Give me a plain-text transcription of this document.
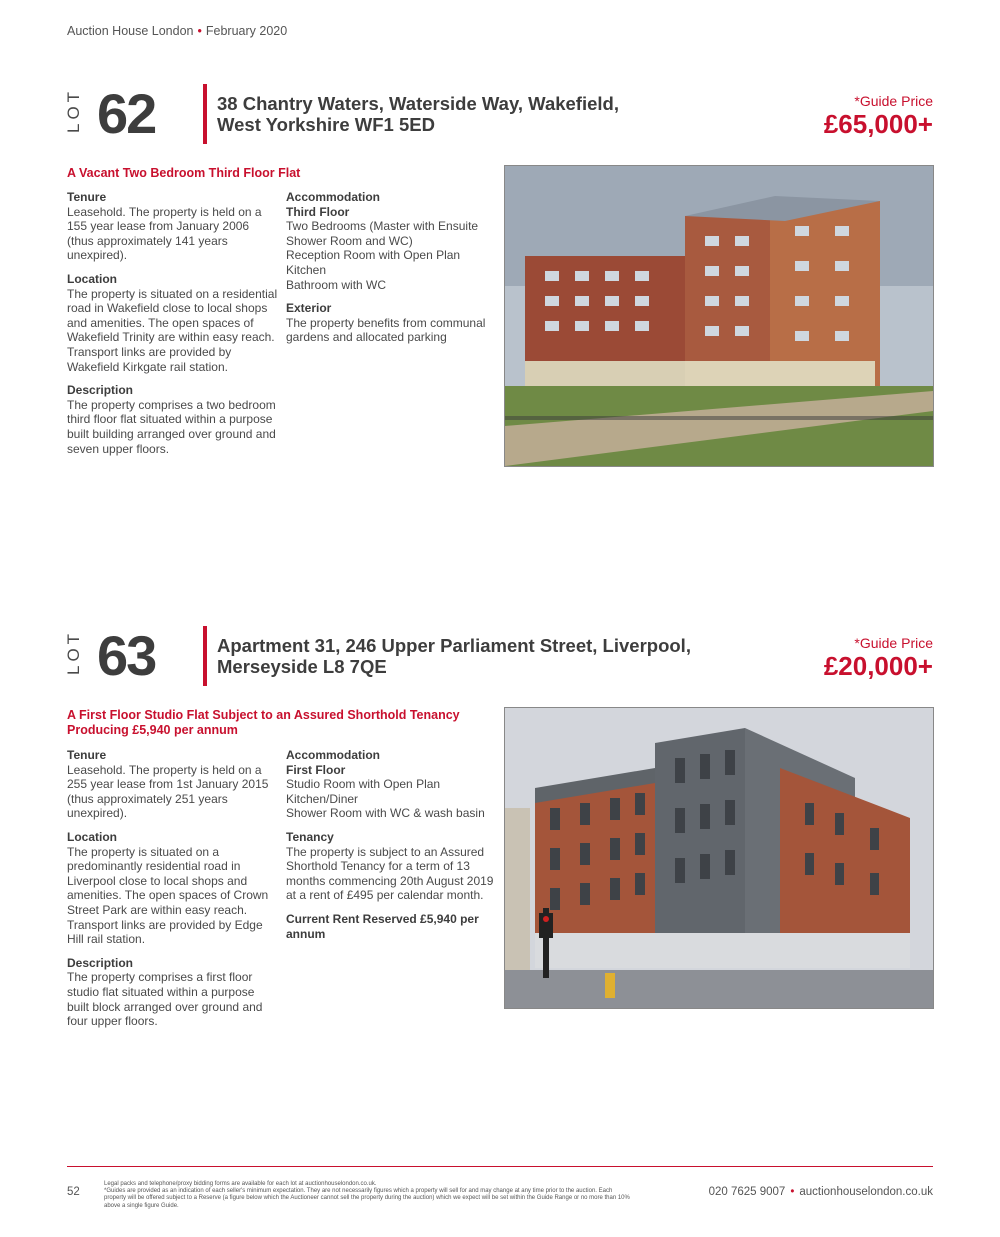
Auction House London • February 2020
LOT 62	38 Chantry Waters, Waterside Way, Wakefield,
West Yorkshire WF1 5ED
*Guide Price
£65,000+
A Vacant Two Bedroom Third Floor Flat
Tenure
Leasehold. The property is held on a 155 year lease from January 2006 (thus approximately 141 years unexpired).
Location
The property is situated on a residential road in Wakefield close to local shops and amenities. The open spaces of Wakefield Trinity are within easy reach. Transport links are provided by Wakefield Kirkgate rail station.
Description
The property comprises a two bedroom third floor flat situated within a purpose built building arranged over ground and seven upper floors.
Accommodation
Third Floor
Two Bedrooms (Master with Ensuite Shower Room and WC)
Reception Room with Open Plan Kitchen
Bathroom with WC
Exterior
The property benefits from communal gardens and allocated parking
LOT 63	Apartment 31, 246 Upper Parliament Street, Liverpool,
Merseyside L8 7QE
*Guide Price
£20,000+
A First Floor Studio Flat Subject to an Assured Shorthold Tenancy Producing £5,940 per annum
Tenure
Leasehold. The property is held on a 255 year lease from 1st January 2015 (thus approximately 251 years unexpired).
Location
The property is situated on a predominantly residential road in Liverpool close to local shops and amenities. The open spaces of Crown Street Park are within easy reach. Transport links are provided by Edge Hill rail station.
Description
The property comprises a first floor studio flat situated within a purpose built block arranged over ground and four upper floors.
Accommodation
First Floor
Studio Room with Open Plan Kitchen/Diner
Shower Room with WC & wash basin
Tenancy
The property is subject to an Assured Shorthold Tenancy for a term of 13 months commencing 20th August 2019 at a rent of £495 per calendar month.
Current Rent Reserved £5,940 per annum
52
Legal packs and telephone/proxy bidding forms are available for each lot at auctionhouselondon.co.uk.
*Guides are provided as an indication of each seller's minimum expectation. They are not necessarily figures which a property will sell for and may change at any time prior to the auction. Each property will be offered subject to a Reserve (a figure below which the Auctioneer cannot sell the property during the auction) which we expect will be set within the Guide Range or no more than 10% above a single figure Guide.
020 7625 9007 • auctionhouselondon.co.uk
